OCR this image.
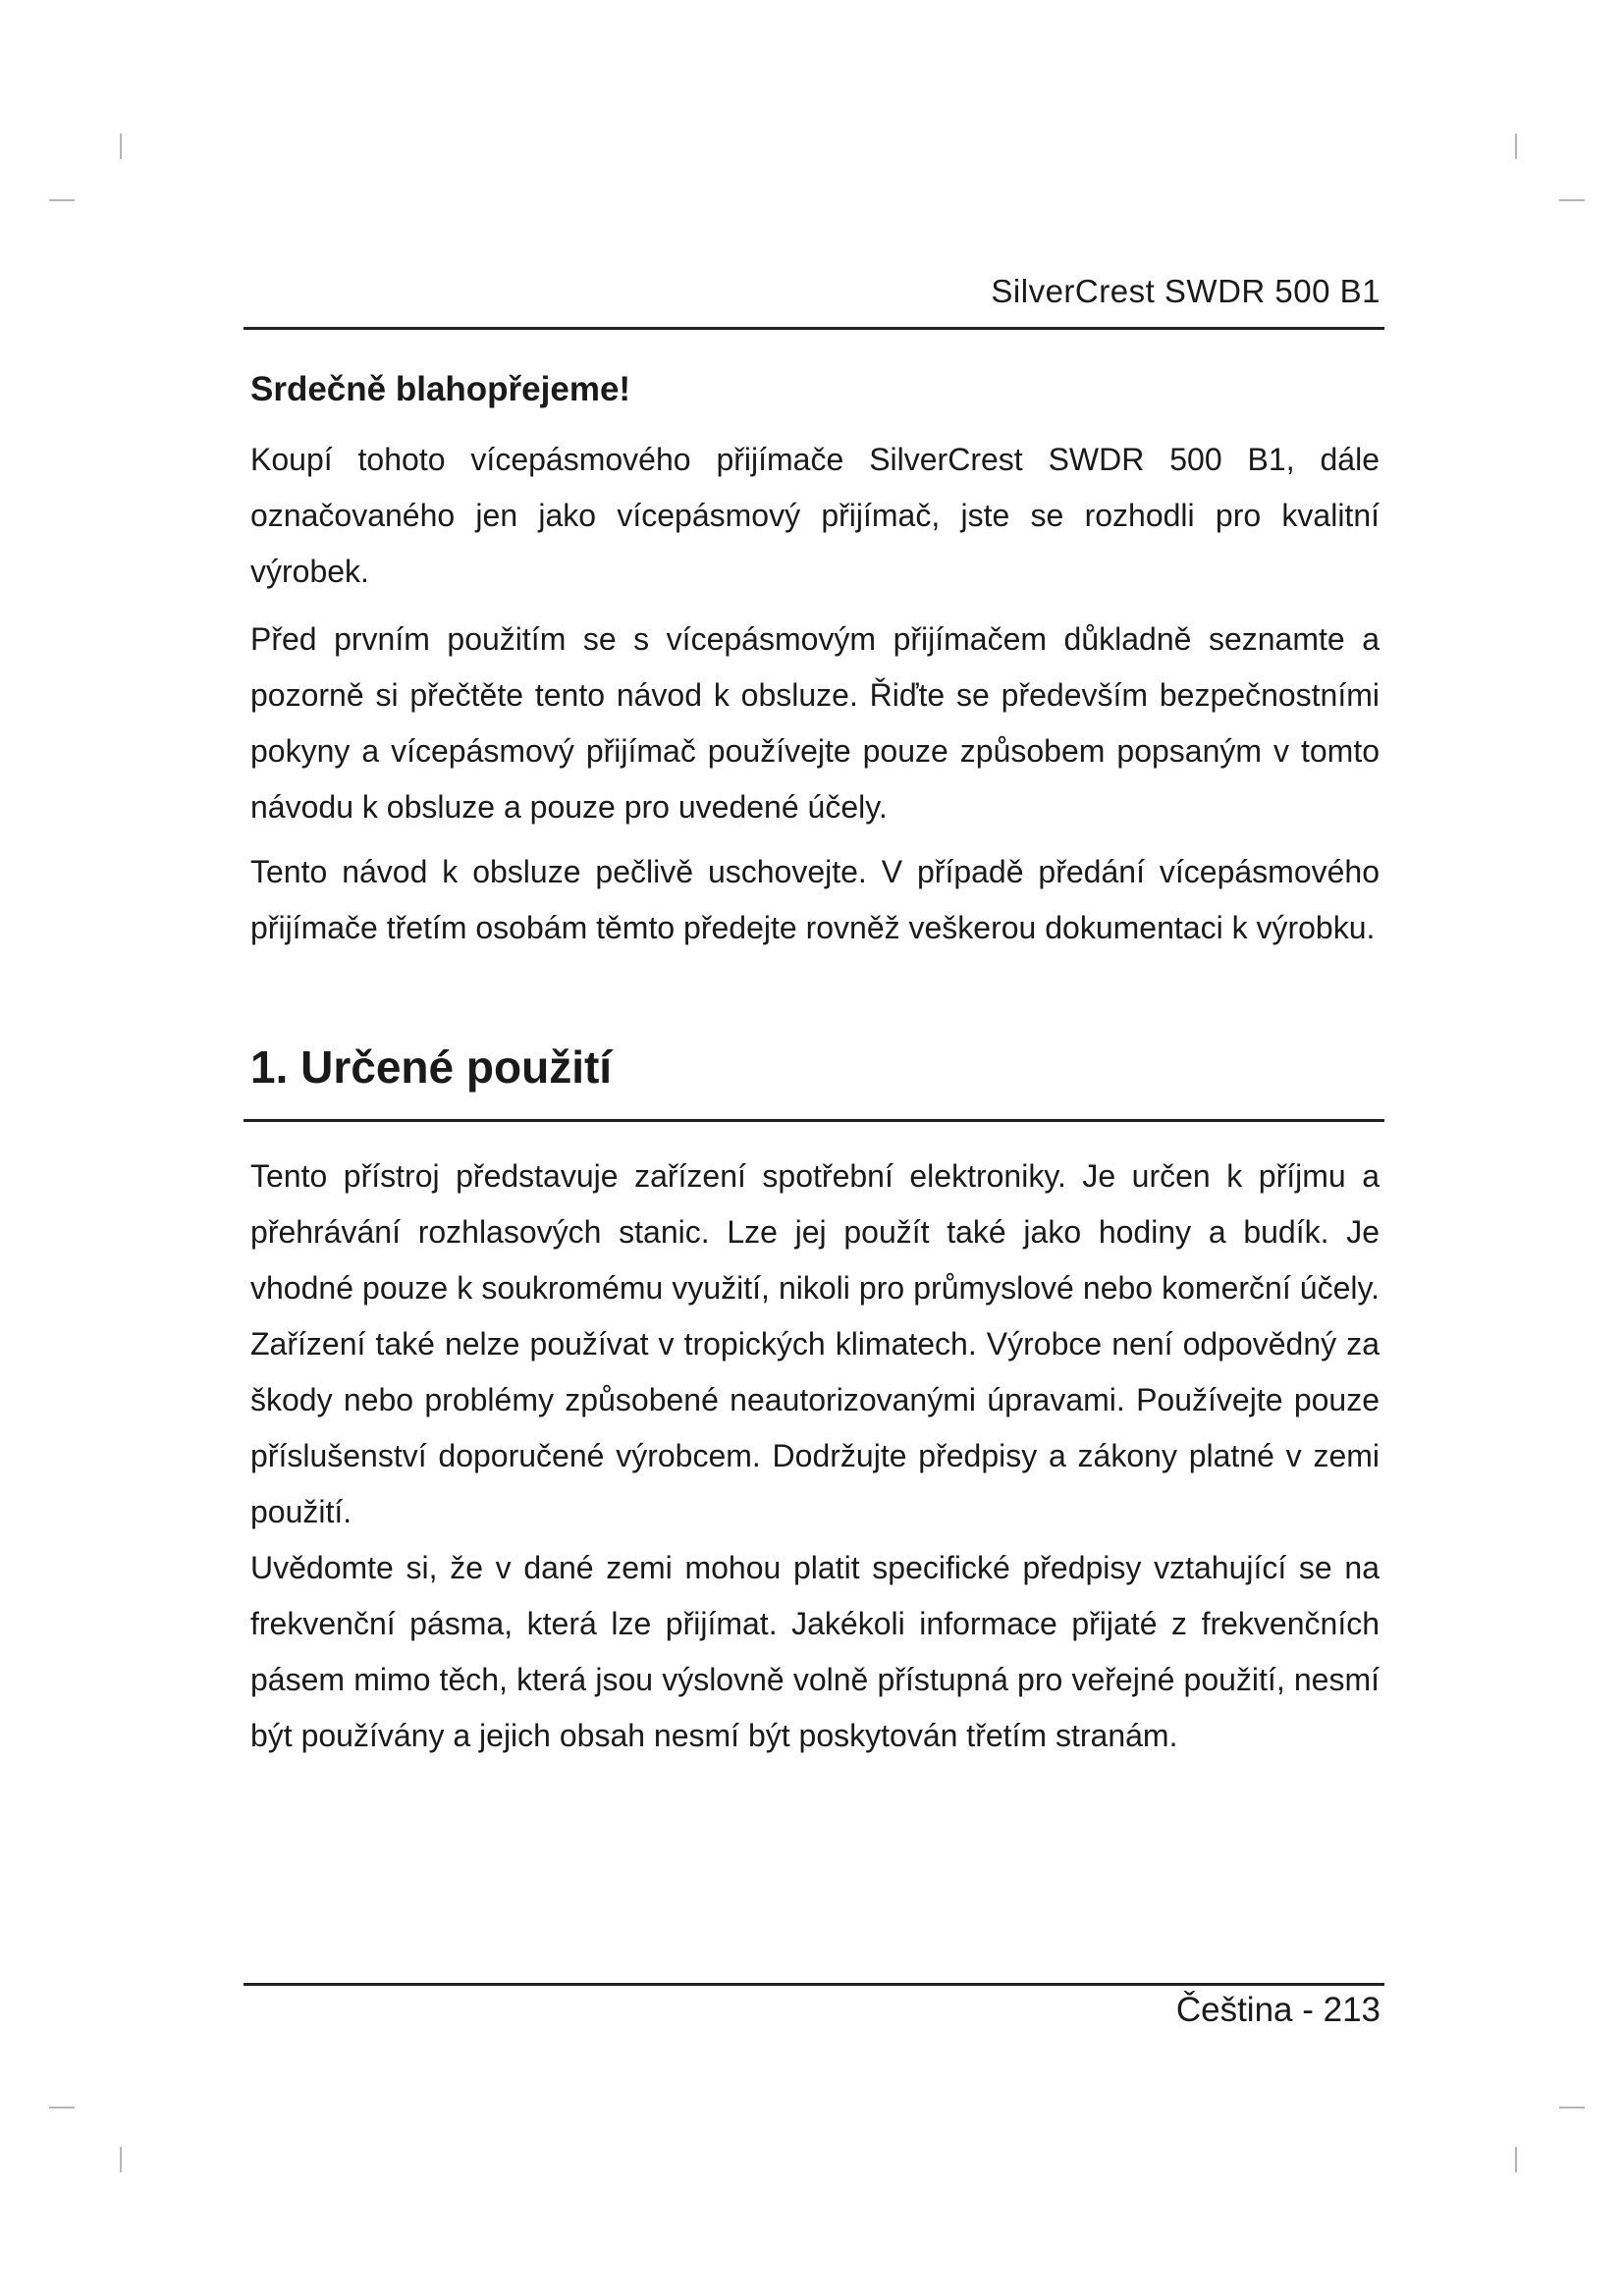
SilverCrest SWDR 500 B1

Srdečně blahopřejeme!

Koupí tohoto vícepásmového přijímače SilverCrest SWDR 500 B1, dále označovaného jen jako vícepásmový přijímač, jste se rozhodli pro kvalitní výrobek.

Před prvním použitím se s vícepásmovým přijímačem důkladně seznamte a pozorně si přečtěte tento návod k obsluze. Řiďte se především bezpečnostními pokyny a vícepásmový přijímač používejte pouze způsobem popsaným v tomto návodu k obsluze a pouze pro uvedené účely.

Tento návod k obsluze pečlivě uschovejte. V případě předání vícepásmového přijímače třetím osobám těmto předejte rovněž veškerou dokumentaci k výrobku.

1. Určené použití

Tento přístroj představuje zařízení spotřební elektroniky. Je určen k příjmu a přehrávání rozhlasových stanic. Lze jej použít také jako hodiny a budík. Je vhodné pouze k soukromému využití, nikoli pro průmyslové nebo komerční účely. Zařízení také nelze používat v tropických klimatech. Výrobce není odpovědný za škody nebo problémy způsobené neautorizovanými úpravami. Používejte pouze příslušenství doporučené výrobcem. Dodržujte předpisy a zákony platné v zemi použití.

Uvědomte si, že v dané zemi mohou platit specifické předpisy vztahující se na frekvenční pásma, která lze přijímat. Jakékoli informace přijaté z frekvenčních pásem mimo těch, která jsou výslovně volně přístupná pro veřejné použití, nesmí být používány a jejich obsah nesmí být poskytován třetím stranám.

Čeština - 213
